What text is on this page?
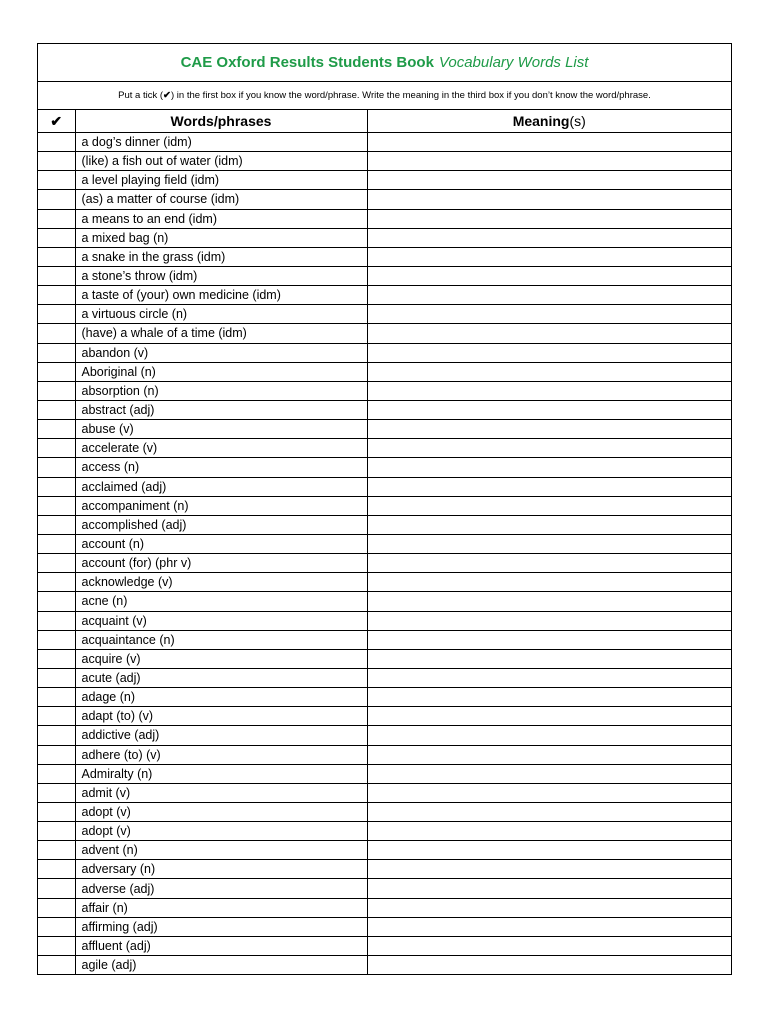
CAE Oxford Results Students Book Vocabulary Words List
Put a tick ( ✔ ) in the first box if you know the word/phrase. Write the meaning in the third box if you don’t know the word/phrase.
✔	Words/phrases	Meaning(s)
	a dog’s dinner (idm)	
	(like) a fish out of water (idm)	
	a level playing field (idm)	
	(as) a matter of course (idm)	
	a means to an end (idm)	
	a mixed bag (n)	
	a snake in the grass (idm)	
	a stone’s throw (idm)	
	a taste of (your) own medicine (idm)	
	a virtuous circle (n)	
	(have) a whale of a time (idm)	
	abandon (v)	
	Aboriginal (n)	
	absorption (n)	
	abstract (adj)	
	abuse (v)	
	accelerate (v)	
	access (n)	
	acclaimed (adj)	
	accompaniment (n)	
	accomplished (adj)	
	account (n)	
	account (for) (phr v)	
	acknowledge (v)	
	acne (n)	
	acquaint (v)	
	acquaintance (n)	
	acquire (v)	
	acute (adj)	
	adage (n)	
	adapt (to) (v)	
	addictive (adj)	
	adhere (to) (v)	
	Admiralty (n)	
	admit (v)	
	adopt (v)	
	adopt (v)	
	advent (n)	
	adversary (n)	
	adverse (adj)	
	affair (n)	
	affirming (adj)	
	affluent (adj)	
	agile (adj)	
